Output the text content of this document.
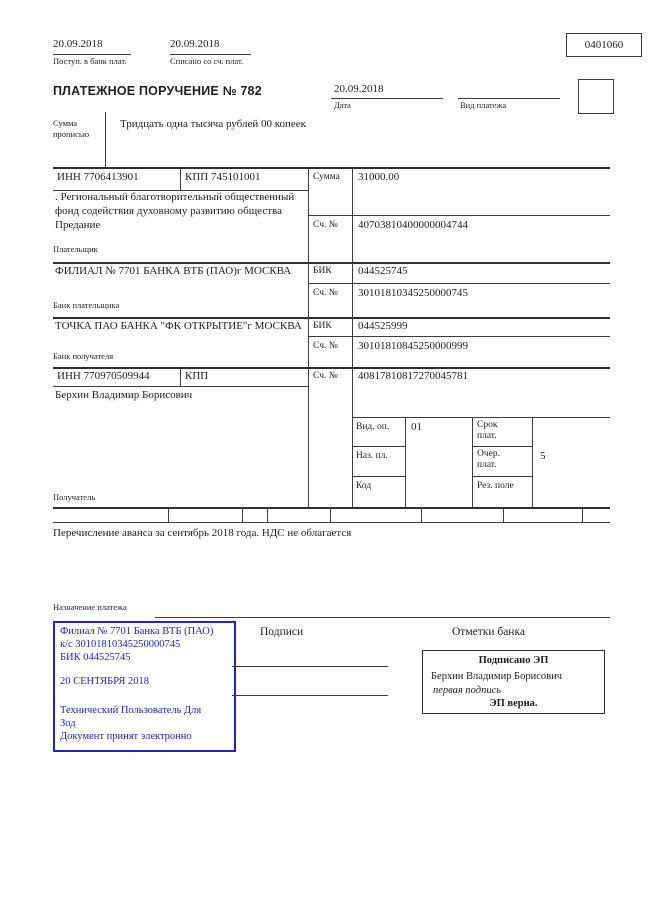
20.09.2018
Поступ. в банк плат.
20.09.2018
Списано со сч. плат.
0401060
ПЛАТЕЖНОЕ ПОРУЧЕНИЕ № 782	20.09.2018
Дата	Вид платежа
Сумма
прописью
Тридцать одна тысяча рублей 00 копеек
ИНН 7706413901	КПП 745101001	Сумма 31000.00
. Региональный благотворительный общественный
фонд содействия духовному развитию общества
Предание	Сч. № 40703810400000004744
Плательщик
ФИЛИАЛ № 7701 БАНКА ВТБ (ПАО)г МОСКВА БИК 044525745
Сч. № 30101810345250000745
Банк плательщика
ТОЧКА ПАО БАНКА "ФК ОТКРЫТИЕ"г МОСКВА БИК 044525999
Сч. № 30101810845250000999
Банк получателя
ИНН 770970509944	КПП	Сч. № 40817810817270045781
Берхин Владимир Борисович
Получатель
Вид. оп. 01	Срок
плат.
Наз. пл.	Очер.
плат.
5
Код	Рез. поле
Перечисление аванса за сентябрь 2018 года. НДС не облагается
Назначение платежа
Филиал № 7701 Банка ВТБ (ПАО)
к/с 30101810345250000745
БИК 044525745
20 СЕНТЯБРЯ 2018
Технический Пользователь Для
Зод
Документ принят электронно
Подписи	Отметки банка
Подписано ЭП
Берхин Владимир Борисович
первая подпись
ЭП верна.
